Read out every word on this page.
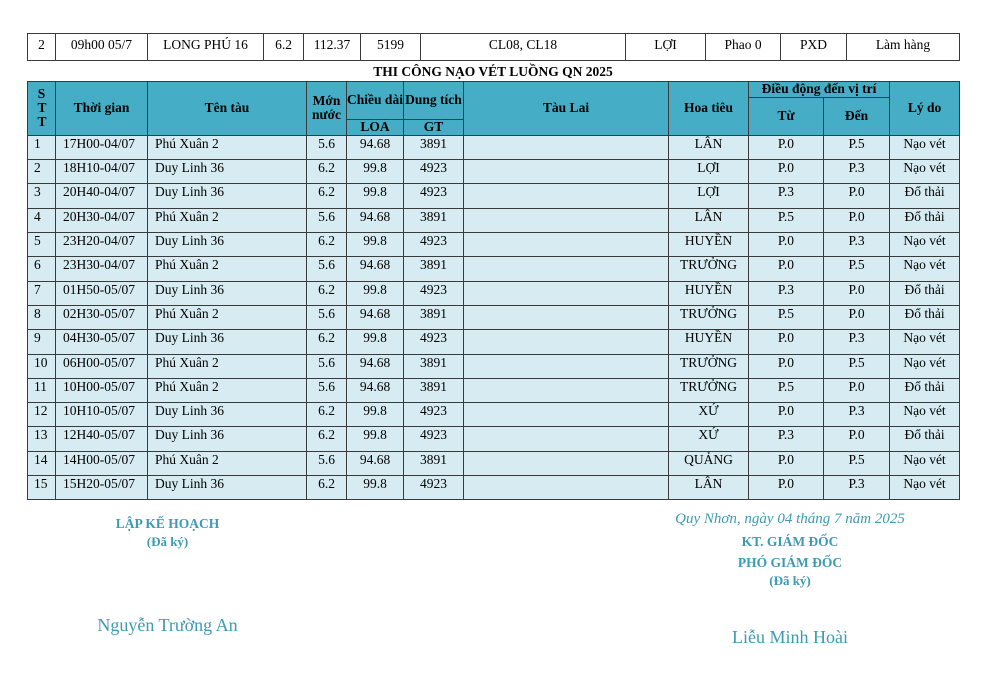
2	09h00 05/7	LONG PHÚ 16	6.2	112.37	5199	CL08, CL18	LỢI	Phao 0	PXD	Làm hàng
THI CÔNG NẠO VÉT LUỒNG QN 2025
STT	Thời gian	Tên tàu	Mớn nước	Chiều dài	Dung tích	Tàu Lai	Hoa tiêu	Điều động đến vị trí		Lý do
								Từ	Đến	
				LOA	GT					
1	17H00-04/07	Phú Xuân 2	5.6	94.68	3891		LÂN	P.0	P.5	Nạo vét
2	18H10-04/07	Duy Linh 36	6.2	99.8	4923		LỢI	P.0	P.3	Nạo vét
3	20H40-04/07	Duy Linh 36	6.2	99.8	4923		LỢI	P.3	P.0	Đổ thải
4	20H30-04/07	Phú Xuân 2	5.6	94.68	3891		LÂN	P.5	P.0	Đổ thải
5	23H20-04/07	Duy Linh 36	6.2	99.8	4923		HUYỀN	P.0	P.3	Nạo vét
6	23H30-04/07	Phú Xuân 2	5.6	94.68	3891		TRƯỞNG	P.0	P.5	Nạo vét
7	01H50-05/07	Duy Linh 36	6.2	99.8	4923		HUYỀN	P.3	P.0	Đổ thải
8	02H30-05/07	Phú Xuân 2	5.6	94.68	3891		TRƯỞNG	P.5	P.0	Đổ thải
9	04H30-05/07	Duy Linh 36	6.2	99.8	4923		HUYỀN	P.0	P.3	Nạo vét
10	06H00-05/07	Phú Xuân 2	5.6	94.68	3891		TRƯỞNG	P.0	P.5	Nạo vét
11	10H00-05/07	Phú Xuân 2	5.6	94.68	3891		TRƯỞNG	P.5	P.0	Đổ thải
12	10H10-05/07	Duy Linh 36	6.2	99.8	4923		XỨ	P.0	P.3	Nạo vét
13	12H40-05/07	Duy Linh 36	6.2	99.8	4923		XỨ	P.3	P.0	Đổ thải
14	14H00-05/07	Phú Xuân 2	5.6	94.68	3891		QUẢNG	P.0	P.5	Nạo vét
15	15H20-05/07	Duy Linh 36	6.2	99.8	4923		LÂN	P.0	P.3	Nạo vét
LẬP KẾ HOẠCH
(Đã ký)
Nguyễn Trường An
Quy Nhơn, ngày 04 tháng 7 năm 2025
KT. GIÁM ĐỐC
PHÓ GIÁM ĐỐC
(Đã ký)
Liễu Minh Hoài
